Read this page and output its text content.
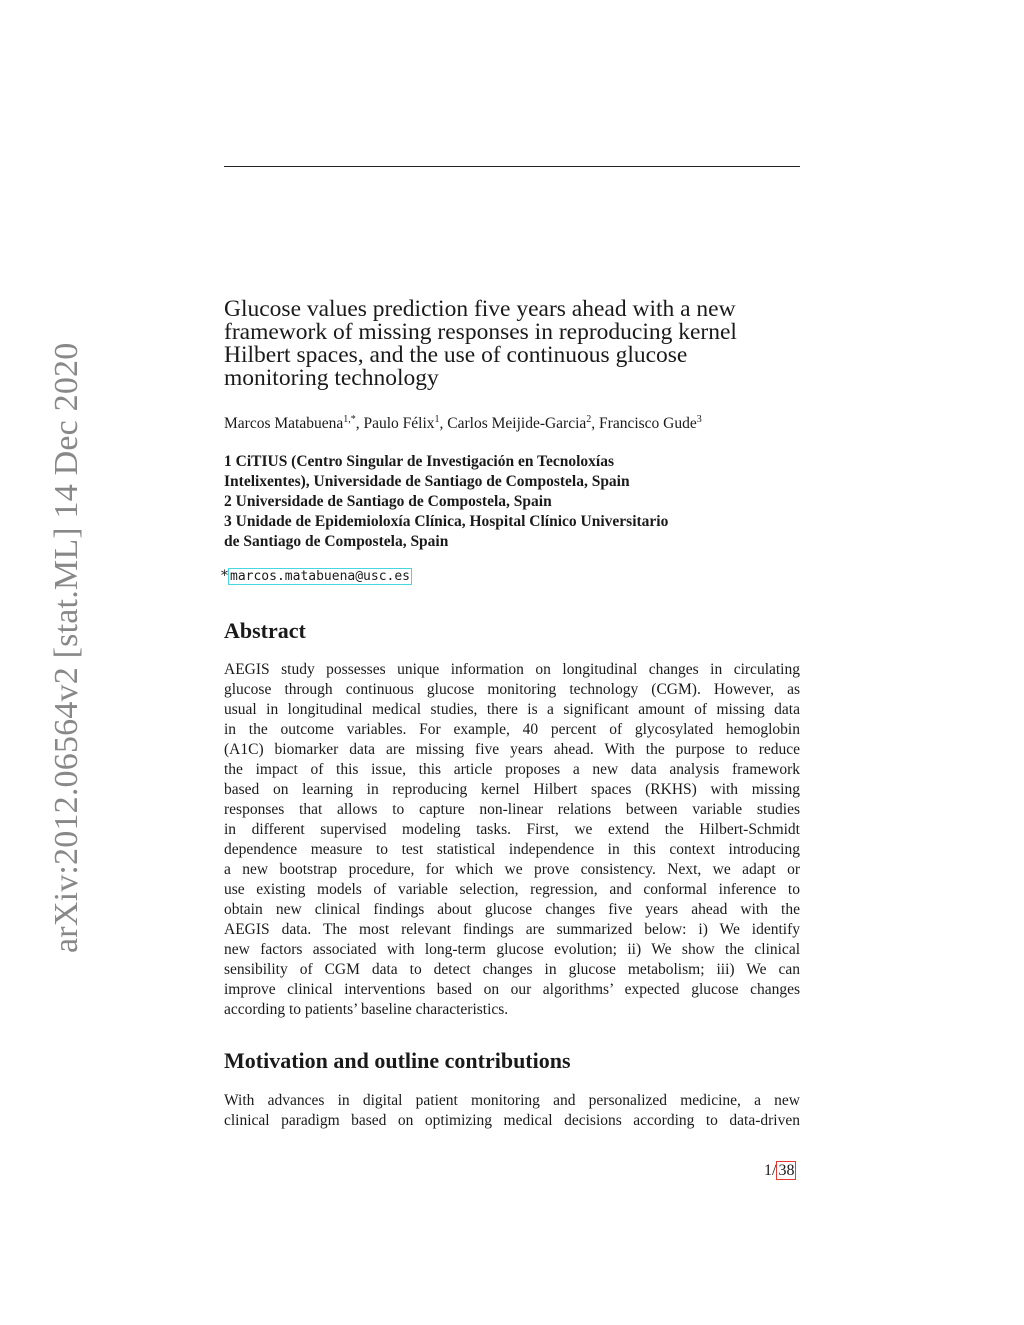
arXiv:2012.06564v2 [stat.ML] 14 Dec 2020
Glucose values prediction five years ahead with a new
framework of missing responses in reproducing kernel
Hilbert spaces, and the use of continuous glucose
monitoring technology
Marcos Matabuena$^{1,*}$, Paulo Félix$^1$, Carlos Meijide-Garcia$^2$, Francisco Gude$^3$
1 CiTIUS (Centro Singular de Investigación en Tecnoloxías
Intelixentes), Universidade de Santiago de Compostela, Spain
2 Universidade de Santiago de Compostela, Spain
3 Unidade de Epidemioloxía Clínica, Hospital Clínico Universitario
de Santiago de Compostela, Spain
* marcos.matabuena@usc.es
Abstract
AEGIS study possesses unique information on longitudinal changes in circulating
glucose through continuous glucose monitoring technology (CGM). However, as
usual in longitudinal medical studies, there is a significant amount of missing data
in the outcome variables. For example, 40 percent of glycosylated hemoglobin
(A1C) biomarker data are missing five years ahead. With the purpose to reduce
the impact of this issue, this article proposes a new data analysis framework
based on learning in reproducing kernel Hilbert spaces (RKHS) with missing
responses that allows to capture non-linear relations between variable studies
in different supervised modeling tasks. First, we extend the Hilbert-Schmidt
dependence measure to test statistical independence in this context introducing
a new bootstrap procedure, for which we prove consistency. Next, we adapt or
use existing models of variable selection, regression, and conformal inference to
obtain new clinical findings about glucose changes five years ahead with the
AEGIS data. The most relevant findings are summarized below: i) We identify
new factors associated with long-term glucose evolution; ii) We show the clinical
sensibility of CGM data to detect changes in glucose metabolism; iii) We can
improve clinical interventions based on our algorithms’ expected glucose changes
according to patients’ baseline characteristics.
Motivation and outline contributions
With advances in digital patient monitoring and personalized medicine, a new
clinical paradigm based on optimizing medical decisions according to data-driven
1/ 38
